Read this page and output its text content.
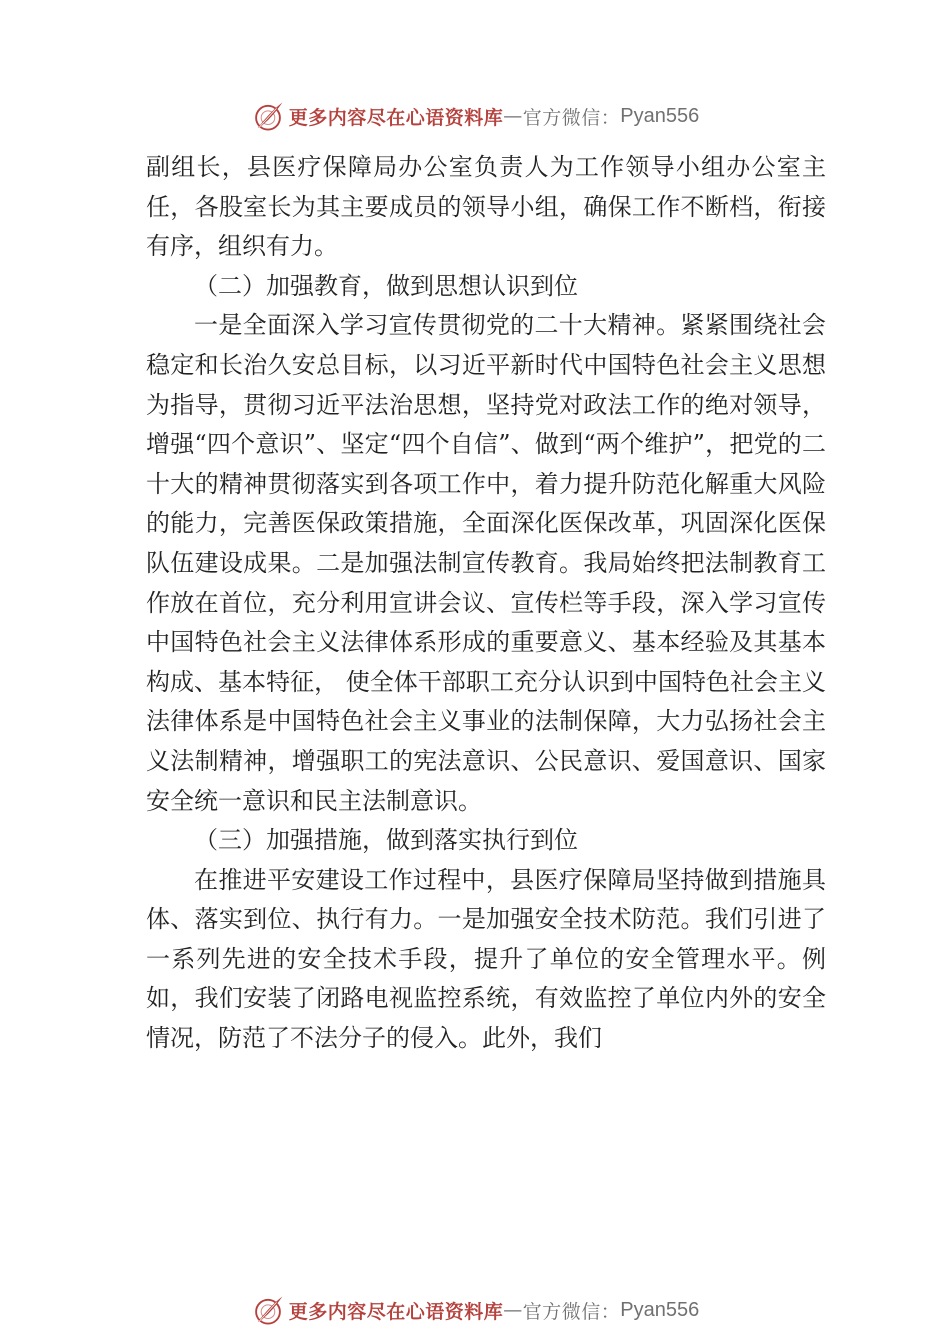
更多内容尽在心语资料库 — 官方微信： Pyan556

副组长，县医疗保障局办公室负责人为工作领导小组办公室主任，各股室长为其主要成员的领导小组，确保工作不断档，衔接有序，组织有力。

（二）加强教育，做到思想认识到位

一是全面深入学习宣传贯彻党的二十大精神。紧紧围绕社会稳定和长治久安总目标，以习近平新时代中国特色社会主义思想为指导，贯彻习近平法治思想，坚持党对政法工作的绝对领导，增强“四个意识”、坚定“四个自信”、做到“两个维护”，把党的二十大的精神贯彻落实到各项工作中，着力提升防范化解重大风险的能力，完善医保政策措施，全面深化医保改革，巩固深化医保队伍建设成果。二是加强法制宣传教育。我局始终把法制教育工作放在首位，充分利用宣讲会议、宣传栏等手段，深入学习宣传中国特色社会主义法律体系形成的重要意义、基本经验及其基本构成、基本特征， 使全体干部职工充分认识到中国特色社会主义法律体系是中国特色社会主义事业的法制保障，大力弘扬社会主义法制精神，增强职工的宪法意识、公民意识、爱国意识、国家安全统一意识和民主法制意识。

（三）加强措施，做到落实执行到位

在推进平安建设工作过程中，县医疗保障局坚持做到措施具体、落实到位、执行有力。一是加强安全技术防范。我们引进了一系列先进的安全技术手段，提升了单位的安全管理水平。例如，我们安装了闭路电视监控系统，有效监控了单位内外的安全情况，防范了不法分子的侵入。此外，我们

更多内容尽在心语资料库 — 官方微信： Pyan556
